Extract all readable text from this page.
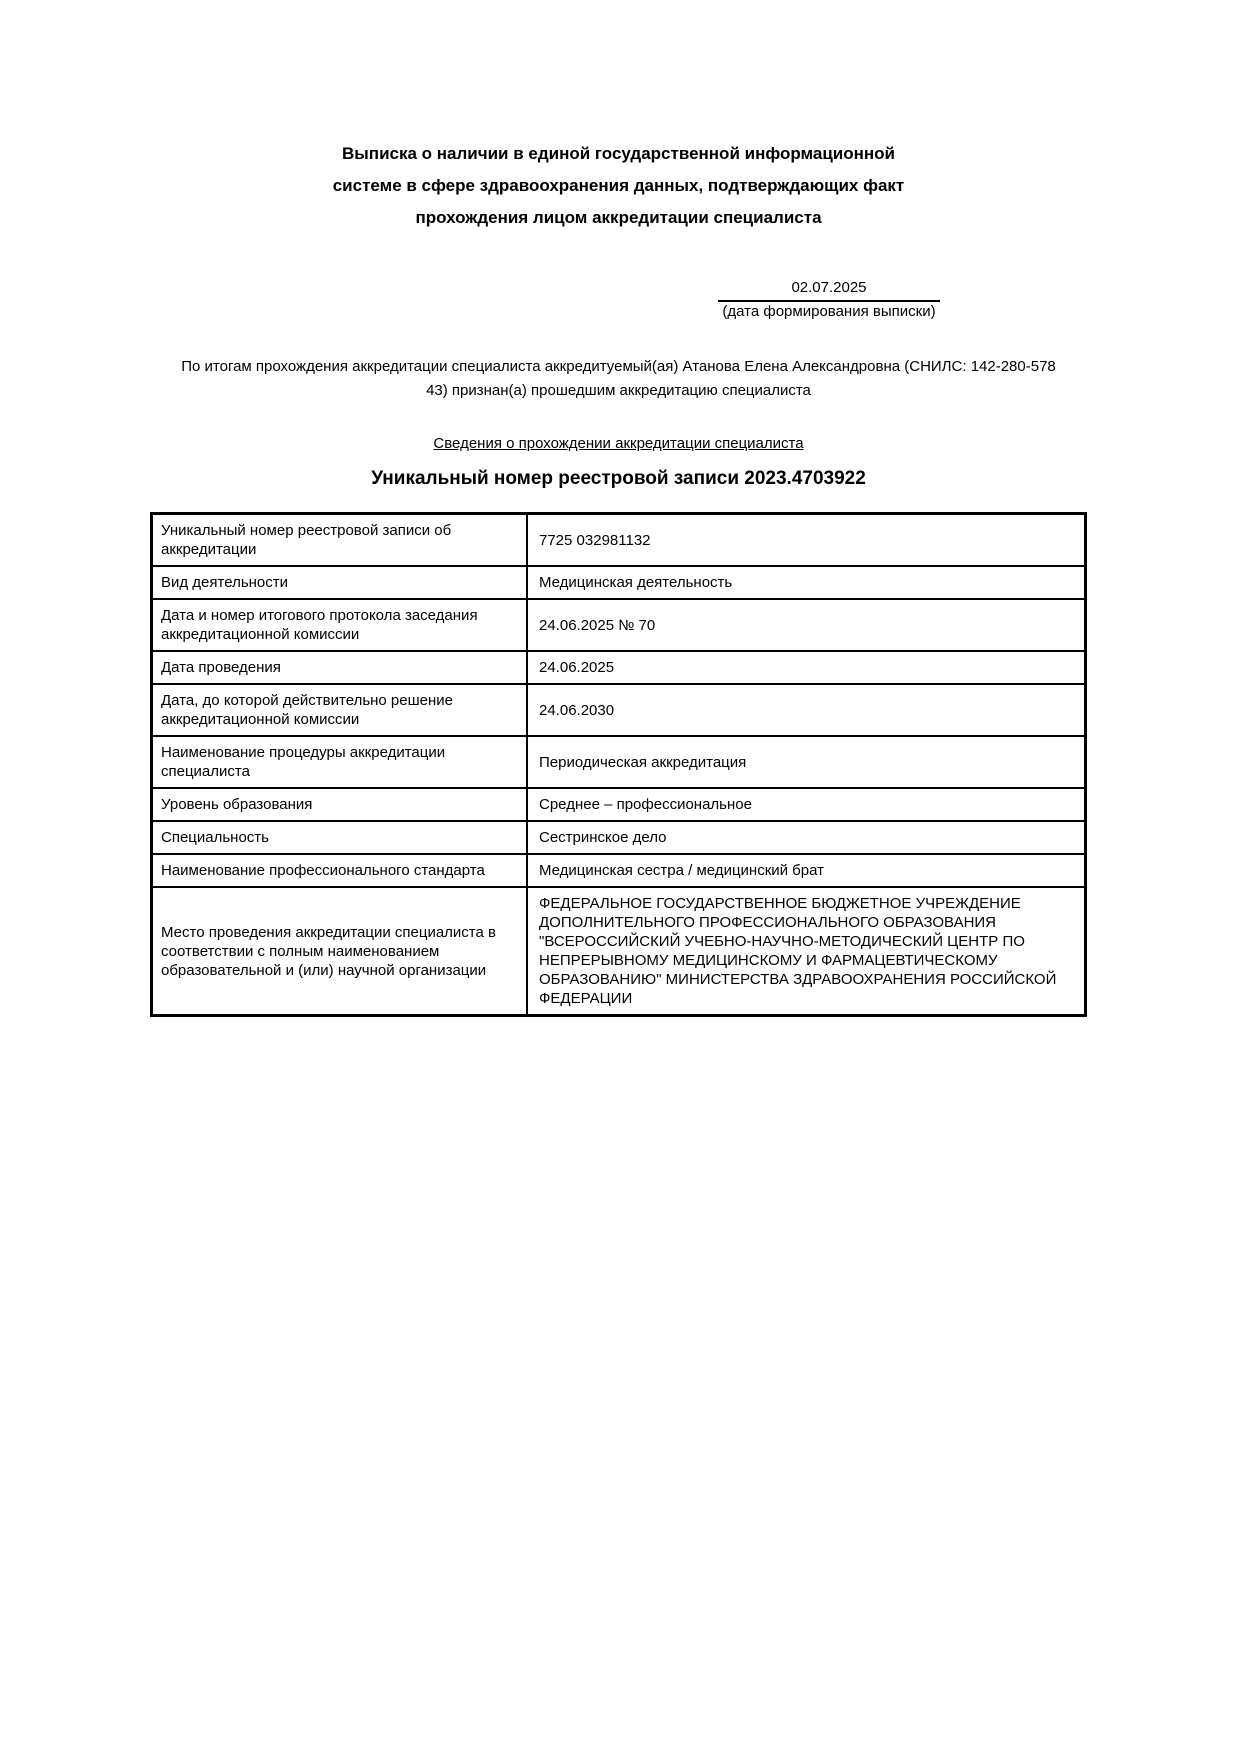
Выписка о наличии в единой государственной информационной
системе в сфере здравоохранения данных, подтверждающих факт
прохождения лицом аккредитации специалиста
02.07.2025
(дата формирования выписки)

По итогам прохождения аккредитации специалиста аккредитуемый(ая) Атанова Елена Александровна (СНИЛС: 142-280-578
43) признан(а) прошедшим аккредитацию специалиста

Сведения о прохождении аккредитации специалиста
Уникальный номер реестровой записи 2023.4703922
Уникальный номер реестровой записи об аккредитации	7725 032981132
Вид деятельности	Медицинская деятельность
Дата и номер итогового протокола заседания аккредитационной комиссии	24.06.2025 № 70
Дата проведения	24.06.2025
Дата, до которой действительно решение аккредитационной комиссии	24.06.2030
Наименование процедуры аккредитации специалиста	Периодическая аккредитация
Уровень образования	Среднее – профессиональное
Специальность	Сестринское дело
Наименование профессионального стандарта	Медицинская сестра / медицинский брат
Место проведения аккредитации специалиста в соответствии с полным наименованием образовательной и (или) научной организации	ФЕДЕРАЛЬНОЕ ГОСУДАРСТВЕННОЕ БЮДЖЕТНОЕ УЧРЕЖДЕНИЕ ДОПОЛНИТЕЛЬНОГО ПРОФЕССИОНАЛЬНОГО ОБРАЗОВАНИЯ "ВСЕРОССИЙСКИЙ УЧЕБНО-НАУЧНО-МЕТОДИЧЕСКИЙ ЦЕНТР ПО НЕПРЕРЫВНОМУ МЕДИЦИНСКОМУ И ФАРМАЦЕВТИЧЕСКОМУ ОБРАЗОВАНИЮ" МИНИСТЕРСТВА ЗДРАВООХРАНЕНИЯ РОССИЙСКОЙ ФЕДЕРАЦИИ
